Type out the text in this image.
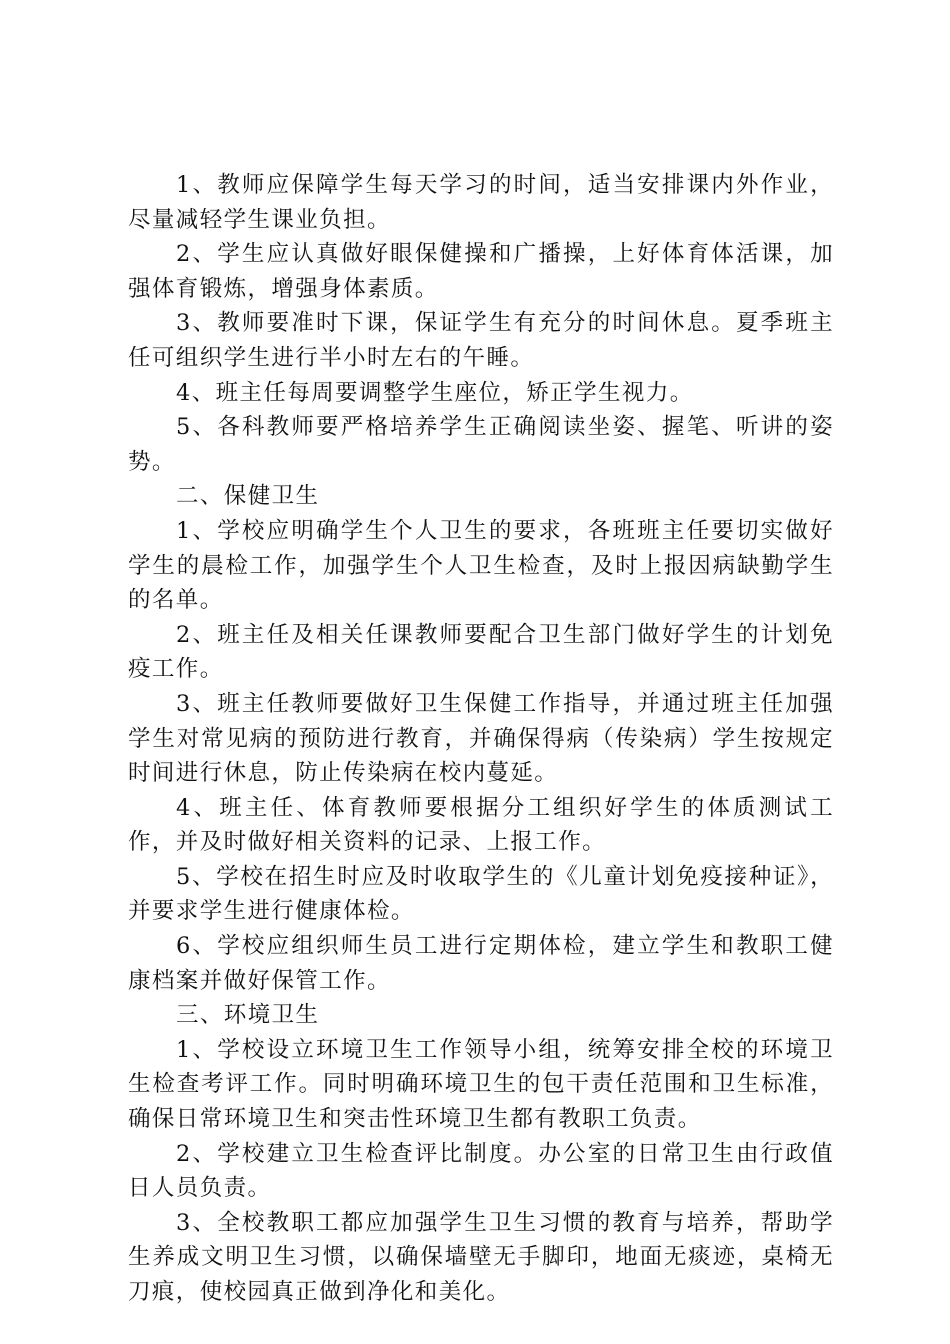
1、教师应保障学生每天学习的时间，适当安排课内外作业，尽量减轻学生课业负担。

2、学生应认真做好眼保健操和广播操，上好体育体活课，加强体育锻炼，增强身体素质。

3、教师要准时下课，保证学生有充分的时间休息。夏季班主任可组织学生进行半小时左右的午睡。

4、班主任每周要调整学生座位，矫正学生视力。

5、各科教师要严格培养学生正确阅读坐姿、握笔、听讲的姿势。

二、保健卫生

1、学校应明确学生个人卫生的要求，各班班主任要切实做好学生的晨检工作，加强学生个人卫生检查，及时上报因病缺勤学生的名单。

2、班主任及相关任课教师要配合卫生部门做好学生的计划免疫工作。

3、班主任教师要做好卫生保健工作指导，并通过班主任加强学生对常见病的预防进行教育，并确保得病（传染病）学生按规定时间进行休息，防止传染病在校内蔓延。

4、班主任、体育教师要根据分工组织好学生的体质测试工作，并及时做好相关资料的记录、上报工作。

5、学校在招生时应及时收取学生的《儿童计划免疫接种证》，并要求学生进行健康体检。

6、学校应组织师生员工进行定期体检，建立学生和教职工健康档案并做好保管工作。

三、环境卫生

1、学校设立环境卫生工作领导小组，统筹安排全校的环境卫生检查考评工作。同时明确环境卫生的包干责任范围和卫生标准，确保日常环境卫生和突击性环境卫生都有教职工负责。

2、学校建立卫生检查评比制度。办公室的日常卫生由行政值日人员负责。

3、全校教职工都应加强学生卫生习惯的教育与培养，帮助学生养成文明卫生习惯，以确保墙壁无手脚印，地面无痰迹，桌椅无刀痕，使校园真正做到净化和美化。
